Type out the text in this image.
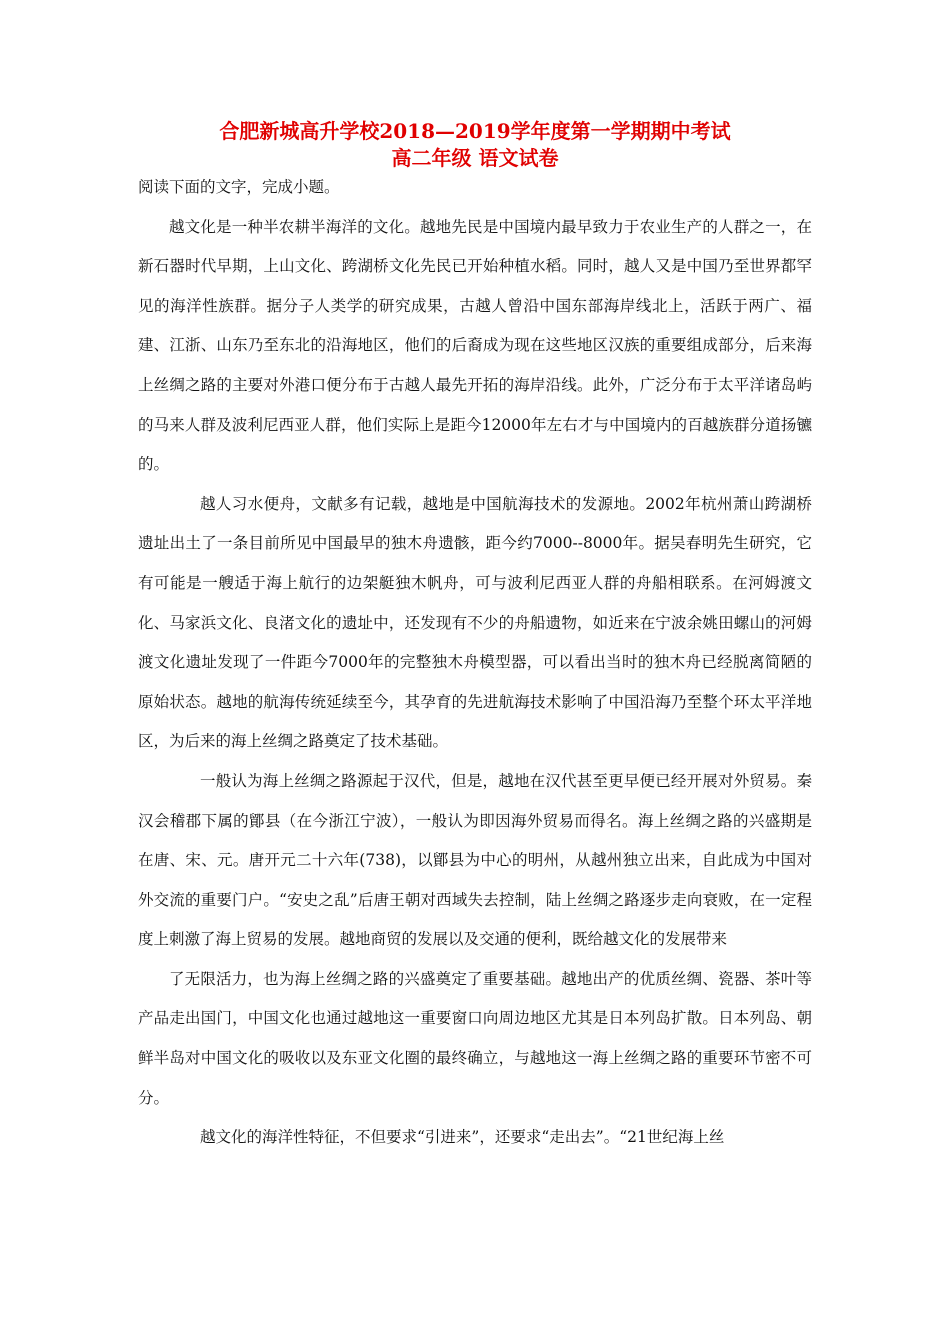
合肥新城高升学校2018—2019学年度第一学期期中考试
高二年级 语文试卷

阅读下面的文字，完成小题。

越文化是一种半农耕半海洋的文化。越地先民是中国境内最早致力于农业生产的人群之一，在新石器时代早期，上山文化、跨湖桥文化先民已开始种植水稻。同时，越人又是中国乃至世界都罕见的海洋性族群。据分子人类学的研究成果，古越人曾沿中国东部海岸线北上，活跃于两广、福建、江浙、山东乃至东北的沿海地区，他们的后裔成为现在这些地区汉族的重要组成部分，后来海上丝绸之路的主要对外港口便分布于古越人最先开拓的海岸沿线。此外，广泛分布于太平洋诸岛屿的马来人群及波利尼西亚人群，他们实际上是距今12000年左右才与中国境内的百越族群分道扬镳的。

越人习水便舟，文献多有记载，越地是中国航海技术的发源地。2002年杭州萧山跨湖桥遗址出土了一条目前所见中国最早的独木舟遗骸，距今约7000--8000年。据吴春明先生研究，它有可能是一艘适于海上航行的边架艇独木帆舟，可与波利尼西亚人群的舟船相联系。在河姆渡文化、马家浜文化、良渚文化的遗址中，还发现有不少的舟船遗物，如近来在宁波余姚田螺山的河姆渡文化遗址发现了一件距今7000年的完整独木舟模型器，可以看出当时的独木舟已经脱离简陋的原始状态。越地的航海传统延续至今，其孕育的先进航海技术影响了中国沿海乃至整个环太平洋地区，为后来的海上丝绸之路奠定了技术基础。

一般认为海上丝绸之路源起于汉代，但是，越地在汉代甚至更早便已经开展对外贸易。秦汉会稽郡下属的鄮县（在今浙江宁波），一般认为即因海外贸易而得名。海上丝绸之路的兴盛期是在唐、宋、元。唐开元二十六年(738)，以鄮县为中心的明州，从越州独立出来，自此成为中国对外交流的重要门户。“安史之乱”后唐王朝对西域失去控制，陆上丝绸之路逐步走向衰败，在一定程度上刺激了海上贸易的发展。越地商贸的发展以及交通的便利，既给越文化的发展带来

了无限活力，也为海上丝绸之路的兴盛奠定了重要基础。越地出产的优质丝绸、瓷器、茶叶等产品走出国门，中国文化也通过越地这一重要窗口向周边地区尤其是日本列岛扩散。日本列岛、朝鲜半岛对中国文化的吸收以及东亚文化圈的最终确立，与越地这一海上丝绸之路的重要环节密不可分。

越文化的海洋性特征，不但要求“引进来”，还要求“走出去”。“21世纪海上丝
